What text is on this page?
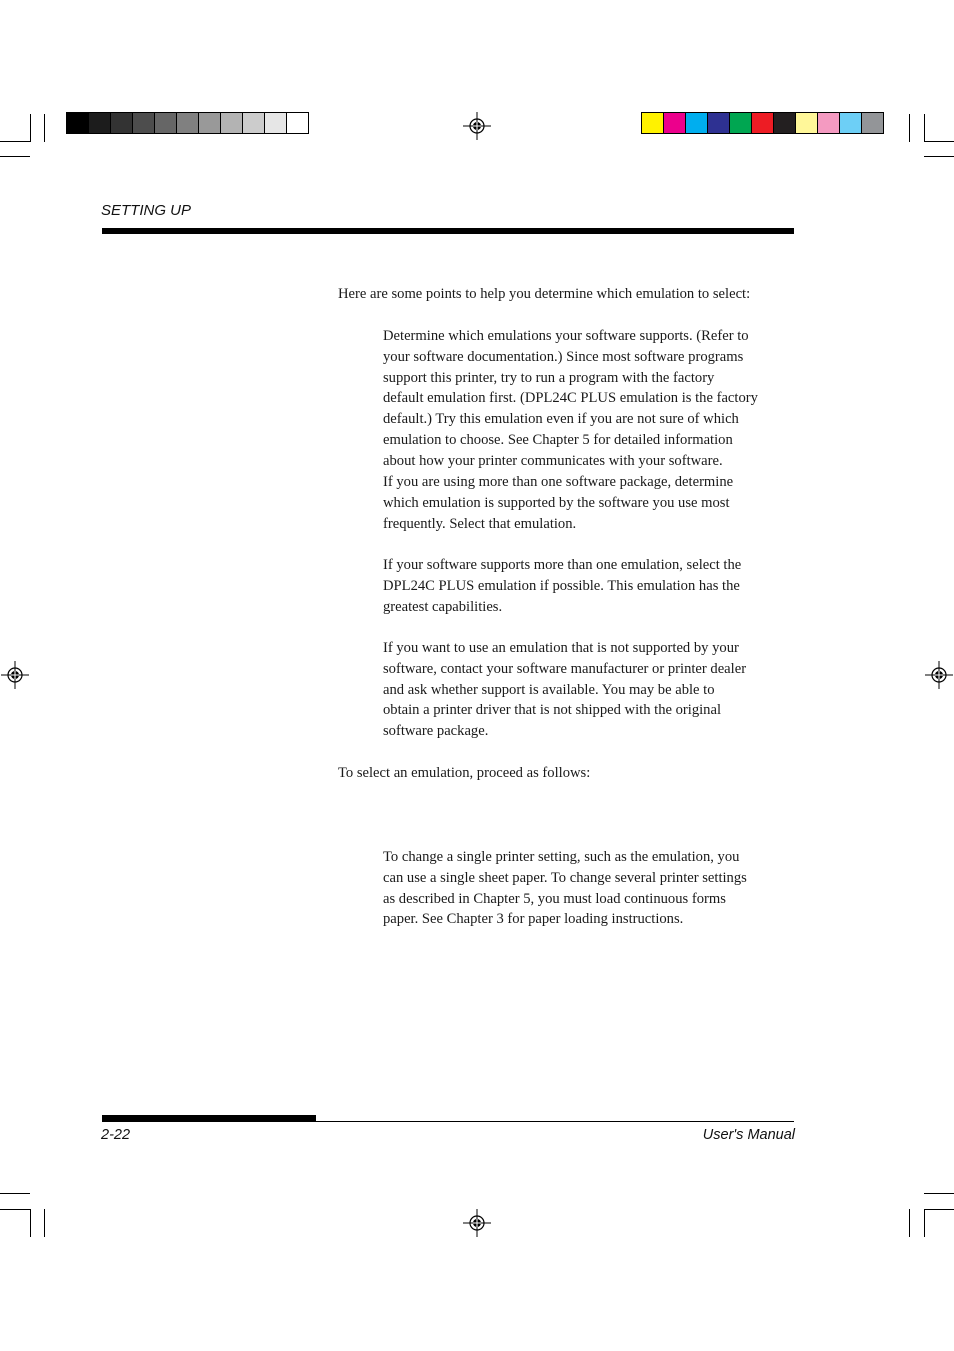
SETTING UP
Here are some points to help you determine which emulation to select:

Determine which emulations your software supports. (Refer to

your software documentation.) Since most software programs

support this printer, try to run a program with the factory

default emulation first. (DPL24C PLUS emulation is the factory

default.) Try this emulation even if you are not sure of which

emulation to choose. See Chapter 5 for detailed information

about how your printer communicates with your software.

If you are using more than one software package, determine

which emulation is supported by the software you use most

frequently. Select that emulation.

If your software supports more than one emulation, select the

DPL24C PLUS emulation if possible. This emulation has the

greatest capabilities.

If you want to use an emulation that is not supported by your

software, contact your software manufacturer or printer dealer

and ask whether support is available. You may be able to

obtain a printer driver that is not shipped with the original

software package.

To select an emulation, proceed as follows:

To change a single printer setting, such as the emulation, you

can use a single sheet paper. To change several printer settings

as described in Chapter 5, you must load continuous forms

paper. See Chapter 3 for paper loading instructions.

2-22	User's Manual
